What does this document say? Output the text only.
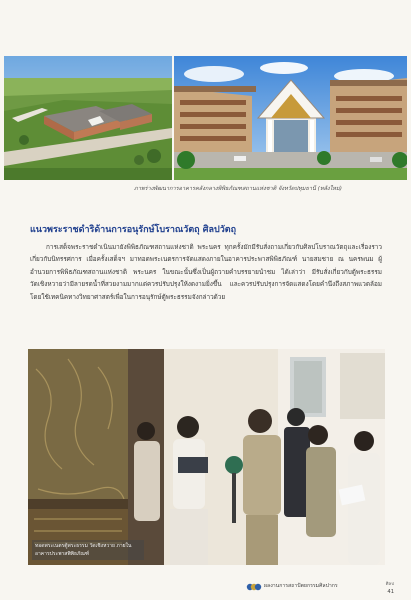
ภาพร่างพัฒนาการอาคารคลังกลางพิพิธภัณฑสถานแห่งชาติ จังหวัดปทุมธานี (หลังใหม่)
แนวพระราชดำริด้านการอนุรักษ์โบราณวัตถุ ศิลปวัตถุ
การเสด็จพระราชดำเนินมายังพิพิธภัณฑสถานแห่งชาติ พระนคร ทุกครั้งมักมีรับสั่งถามเกี่ยวกับศิลปโบราณวัตถุและเรื่องราวเกี่ยวกับนิทรรศการ เมื่อครั้งเสด็จฯ มาทอดพระเนตรการจัดแสดงภายในอาคารประพาสพิพิธภัณฑ์ นายสมชาย ณ นครพนม ผู้อำนวยการพิพิธภัณฑสถานแห่งชาติ พระนคร ในขณะนั้นซึ่งเป็นผู้ถวายคำบรรยายนำชม ได้เล่าว่า มีรับสั่งเกี่ยวกับตู้พระธรรมวัดเชิงหวายว่ามีลายรดน้ำที่สวยงามมากแต่ควรปรับปรุงให้งดงามยิ่งขึ้น และควรปรับปรุงการจัดแสดงโดยคำนึงถึงสภาพแวดล้อม โดยใช้เทคนิคทางวิทยาศาสตร์เพื่อในการอนุรักษ์ตู้พระธรรมจังกล่าวด้วย
ทอดพระเนตรตู้พระธรรม วัดเชิงหวาย ภายในอาคารประพาสพิพิธภัณฑ์
ผลงานการสถาปัตยกรรมศิลปากร	ศิลป
41
